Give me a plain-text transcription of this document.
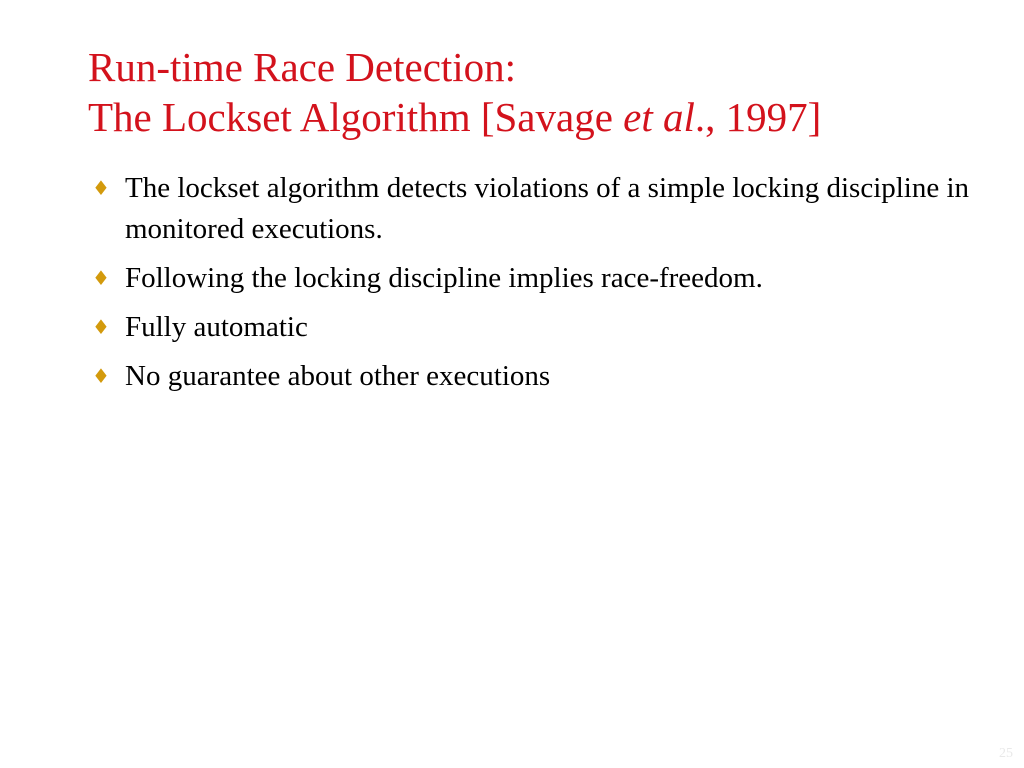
Run-time Race Detection:
The Lockset Algorithm [Savage et al., 1997]
♦ The lockset algorithm detects violations of a simple locking discipline in monitored executions.
♦ Following the locking discipline implies race-freedom.
♦ Fully automatic
♦ No guarantee about other executions
25
